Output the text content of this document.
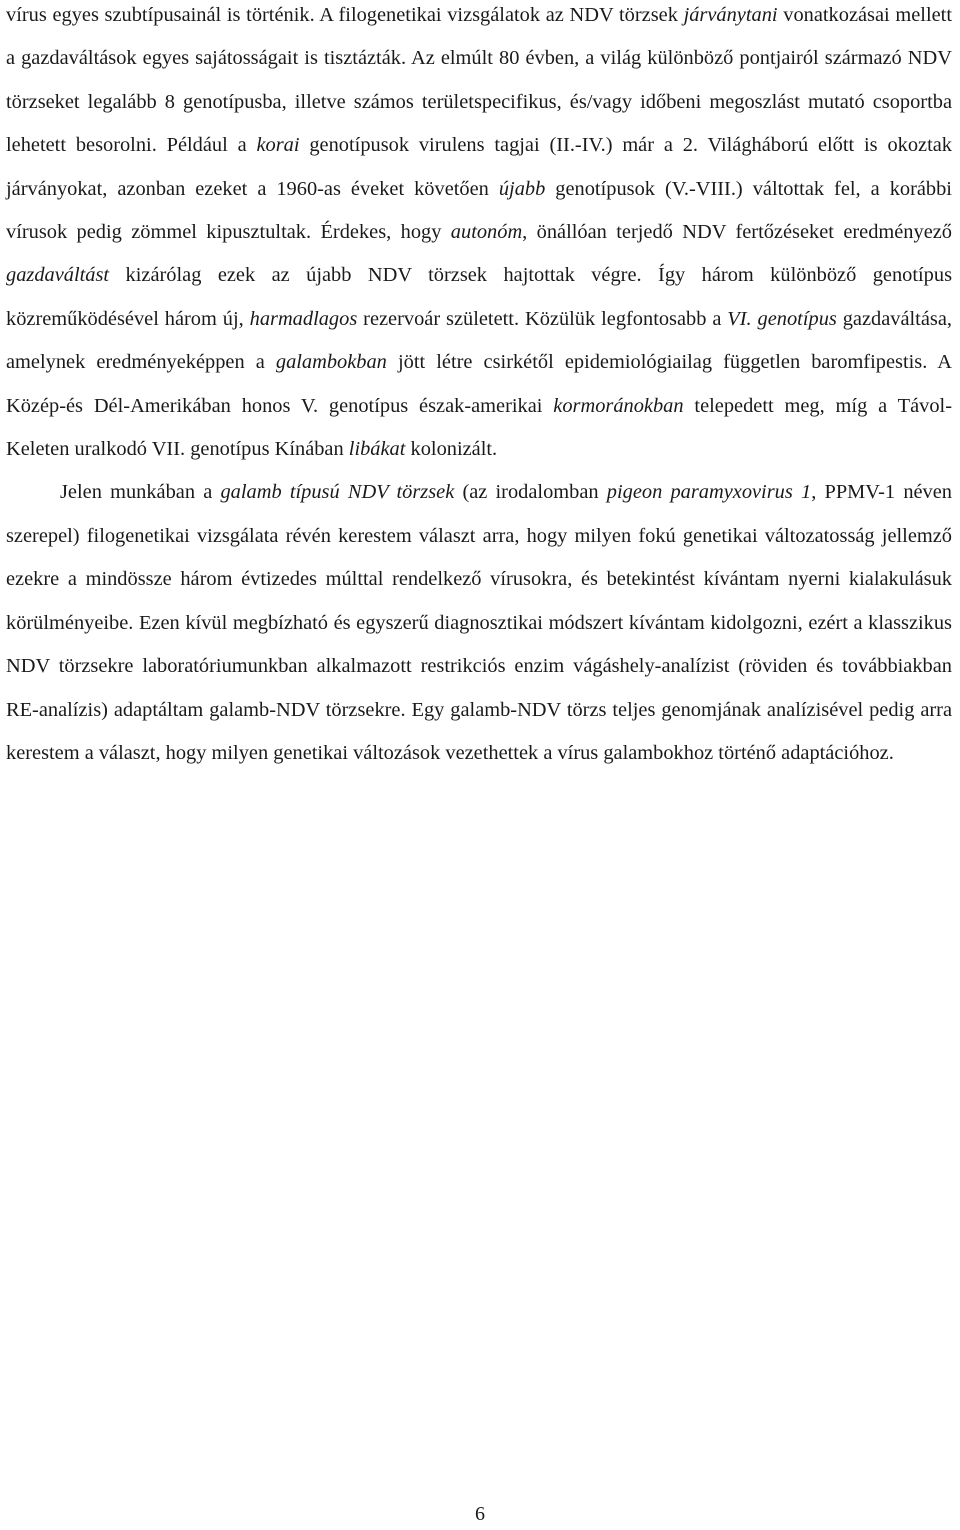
vírus egyes szubtípusainál is történik. A filogenetikai vizsgálatok az NDV törzsek járványtani vonatkozásai mellett a gazdaváltások egyes sajátosságait is tisztázták. Az elmúlt 80 évben, a világ különböző pontjairól származó NDV törzseket legalább 8 genotípusba, illetve számos területspecifikus, és/vagy időbeni megoszlást mutató csoportba lehetett besorolni. Például a korai genotípusok virulens tagjai (II.-IV.) már a 2. Világháború előtt is okoztak járványokat, azonban ezeket a 1960-as éveket követően újabb genotípusok (V.-VIII.) váltottak fel, a korábbi vírusok pedig zömmel kipusztultak. Érdekes, hogy autonóm, önállóan terjedő NDV fertőzéseket eredményező gazdaváltást kizárólag ezek az újabb NDV törzsek hajtottak végre. Így három különböző genotípus közreműködésével három új, harmadlagos rezervoár született. Közülük legfontosabb a VI. genotípus gazdaváltása, amelynek eredményeképpen a galambokban jött létre csirkétől epidemiológiailag független baromfipestis. A Közép-és Dél-Amerikában honos V. genotípus észak-amerikai kormoránokban telepedett meg, míg a Távol-Keleten uralkodó VII. genotípus Kínában libákat kolonizált.

Jelen munkában a galamb típusú NDV törzsek (az irodalomban pigeon paramyxovirus 1, PPMV-1 néven szerepel) filogenetikai vizsgálata révén kerestem választ arra, hogy milyen fokú genetikai változatosság jellemző ezekre a mindössze három évtizedes múlttal rendelkező vírusokra, és betekintést kívántam nyerni kialakulásuk körülményeibe. Ezen kívül megbízható és egyszerű diagnosztikai módszert kívántam kidolgozni, ezért a klasszikus NDV törzsekre laboratóriumunkban alkalmazott restrikciós enzim vágáshely-analízist (röviden és továbbiakban RE-analízis) adaptáltam galamb-NDV törzsekre. Egy galamb-NDV törzs teljes genomjának analízisével pedig arra kerestem a választ, hogy milyen genetikai változások vezethettek a vírus galambokhoz történő adaptációhoz.

6
